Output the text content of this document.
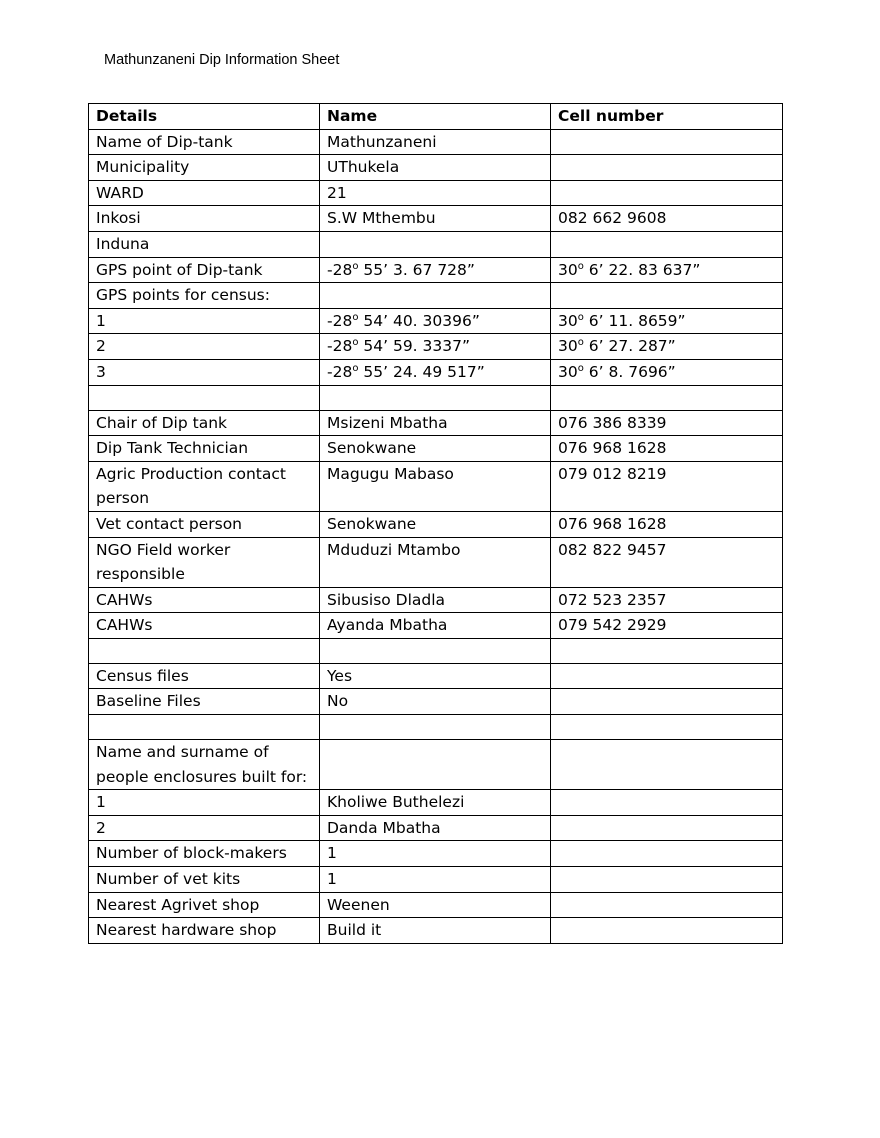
Mathunzaneni Dip Information Sheet
Details	Name	Cell number
Name of Dip-tank	Mathunzaneni	
Municipality	UThukela	
WARD	21	
Inkosi	S.W Mthembu	082 662 9608
Induna		
GPS point of Dip-tank	-28$^o$ 55’ 3. 67 728”	30$^o$ 6’ 22. 83 637”
GPS points for census:		
1	-28$^o$ 54’ 40. 30396”	30$^o$ 6’ 11. 8659”
2	-28$^o$ 54’ 59. 3337”	30$^o$ 6’ 27. 287”
3	-28$^o$ 55’ 24. 49 517”	30$^o$ 6’ 8. 7696”

Chair of Dip tank	Msizeni Mbatha	076 386 8339
Dip Tank Technician	Senokwane	076 968 1628
Agric Production contact person	Magugu Mabaso	079 012 8219
Vet contact person	Senokwane	076 968 1628
NGO Field worker responsible	Mduduzi Mtambo	082 822 9457
CAHWs	Sibusiso Dladla	072 523 2357
CAHWs	Ayanda Mbatha	079 542 2929

Census files	Yes	
Baseline Files	No	

Name and surname of people enclosures built for:		
1	Kholiwe Buthelezi	
2	Danda Mbatha	
Number of block-makers	1	
Number of vet kits	1	
Nearest Agrivet shop	Weenen	
Nearest hardware shop	Build it	
